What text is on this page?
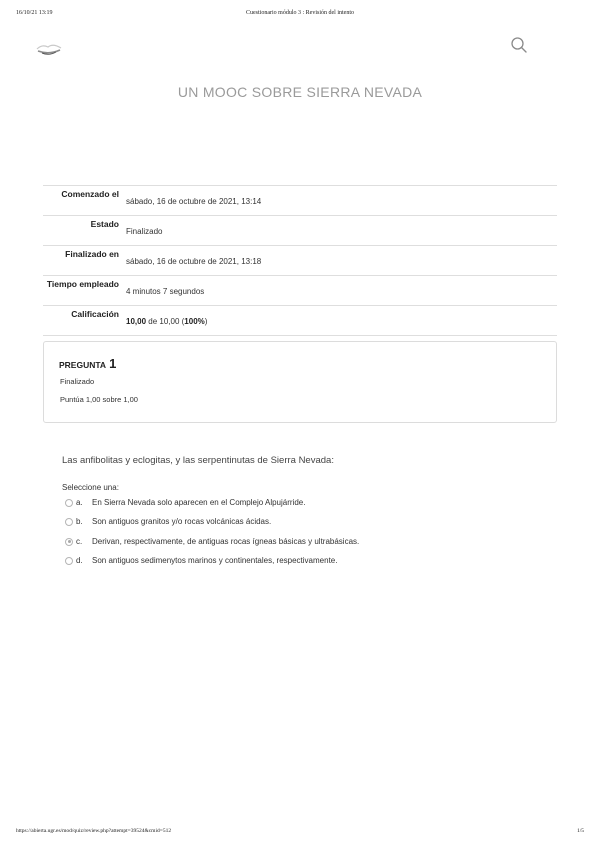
16/10/21 13:19	Cuestionario módulo 3 : Revisión del intento
UN MOOC SOBRE SIERRA NEVADA
Comenzado el
sábado, 16 de octubre de 2021, 13:14
Estado
Finalizado
Finalizado en
sábado, 16 de octubre de 2021, 13:18
Tiempo empleado
4 minutos 7 segundos
Calificación
10,00 de 10,00 (100%)
PREGUNTA 1
Finalizado
Puntúa 1,00 sobre 1,00
Las anfibolitas y eclogitas, y las serpentinutas de Sierra Nevada:
Seleccione una:
a. En Sierra Nevada solo aparecen en el Complejo Alpujárride.
b. Son antiguos granitos y/o rocas volcánicas ácidas.
c. Derivan, respectivamente, de antiguas rocas ígneas básicas y ultrabásicas.
d. Son antiguos sedimenytos marinos y continentales, respectivamente.
https://abierta.ugr.es/mod/quiz/review.php?attempt=39524&cmid=512	1/5
